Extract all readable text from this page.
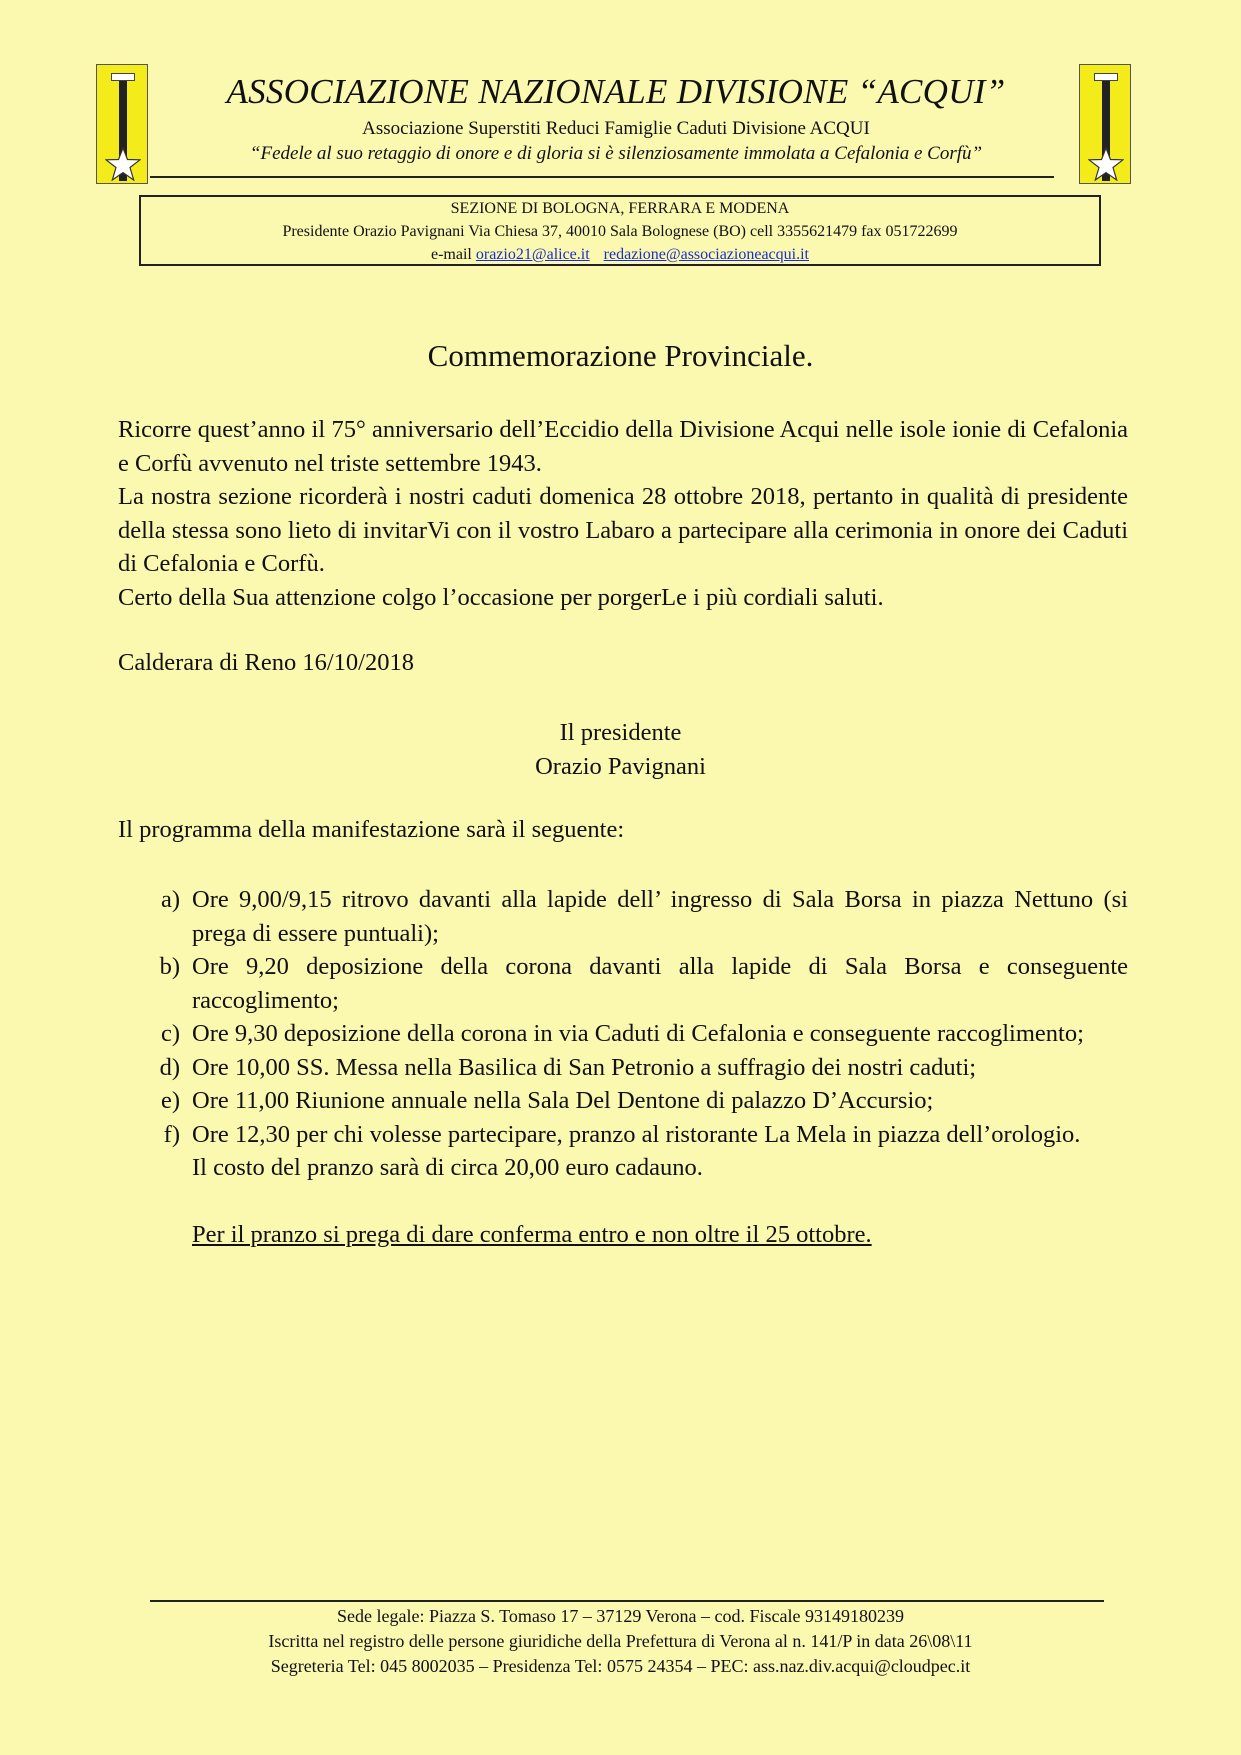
ASSOCIAZIONE NAZIONALE DIVISIONE “ACQUI”
Associazione Superstiti Reduci Famiglie Caduti Divisione ACQUI
“Fedele al suo retaggio di onore e di gloria si è silenziosamente immolata a Cefalonia e Corfù”
SEZIONE DI BOLOGNA, FERRARA E MODENA
Presidente Orazio Pavignani Via Chiesa 37, 40010 Sala Bolognese (BO) cell 3355621479 fax 051722699
e-mail orazio21@alice.it redazione@associazioneacqui.it
Commemorazione Provinciale.
Ricorre quest’anno il 75° anniversario dell’Eccidio della Divisione Acqui nelle isole ionie di Cefalonia e Corfù avvenuto nel triste settembre 1943.
La nostra sezione ricorderà i nostri caduti domenica 28 ottobre 2018, pertanto in qualità di presidente della stessa sono lieto di invitarVi con il vostro Labaro a partecipare alla cerimonia in onore dei Caduti di Cefalonia e Corfù.
Certo della Sua attenzione colgo l’occasione per porgerLe i più cordiali saluti.
Calderara di Reno 16/10/2018
Il presidente
Orazio Pavignani
Il programma della manifestazione sarà il seguente:
a) Ore 9,00/9,15 ritrovo davanti alla lapide dell’ ingresso di Sala Borsa in piazza Nettuno (si prega di essere puntuali);
b) Ore 9,20 deposizione della corona davanti alla lapide di Sala Borsa e conseguente raccoglimento;
c) Ore 9,30 deposizione della corona in via Caduti di Cefalonia e conseguente raccoglimento;
d) Ore 10,00 SS. Messa nella Basilica di San Petronio a suffragio dei nostri caduti;
e) Ore 11,00 Riunione annuale nella Sala Del Dentone di palazzo D’Accursio;
f) Ore 12,30 per chi volesse partecipare, pranzo al ristorante La Mela in piazza dell’orologio.
Il costo del pranzo sarà di circa 20,00 euro cadauno.
Per il pranzo si prega di dare conferma entro e non oltre il 25 ottobre.
Sede legale: Piazza S. Tomaso 17 – 37129 Verona – cod. Fiscale 93149180239
Iscritta nel registro delle persone giuridiche della Prefettura di Verona al n. 141/P in data 26\08\11
Segreteria Tel: 045 8002035 – Presidenza Tel: 0575 24354 – PEC: ass.naz.div.acqui@cloudpec.it
